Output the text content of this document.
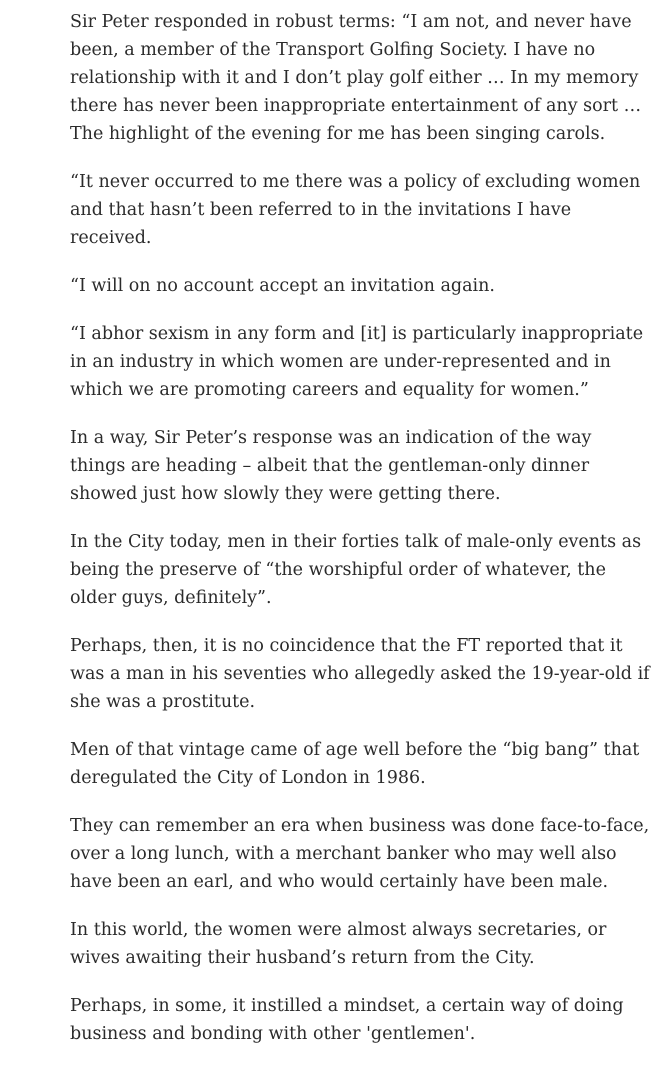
Sir Peter responded in robust terms: “I am not, and never have been, a member of the Transport Golfing Society. I have no relationship with it and I don’t play golf either … In my memory there has never been inappropriate entertainment of any sort … The highlight of the evening for me has been singing carols.

“It never occurred to me there was a policy of excluding women and that hasn’t been referred to in the invitations I have received.

“I will on no account accept an invitation again.

“I abhor sexism in any form and [it] is particularly inappropriate in an industry in which women are under-represented and in which we are promoting careers and equality for women.”

In a way, Sir Peter’s response was an indication of the way things are heading – albeit that the gentleman-only dinner showed just how slowly they were getting there.

In the City today, men in their forties talk of male-only events as being the preserve of “the worshipful order of whatever, the older guys, definitely”.

Perhaps, then, it is no coincidence that the FT reported that it was a man in his seventies who allegedly asked the 19-year-old if she was a prostitute.

Men of that vintage came of age well before the “big bang” that deregulated the City of London in 1986.

They can remember an era when business was done face-to-face, over a long lunch, with a merchant banker who may well also have been an earl, and who would certainly have been male.

In this world, the women were almost always secretaries, or wives awaiting their husband’s return from the City.

Perhaps, in some, it instilled a mindset, a certain way of doing business and bonding with other 'gentlemen'.
